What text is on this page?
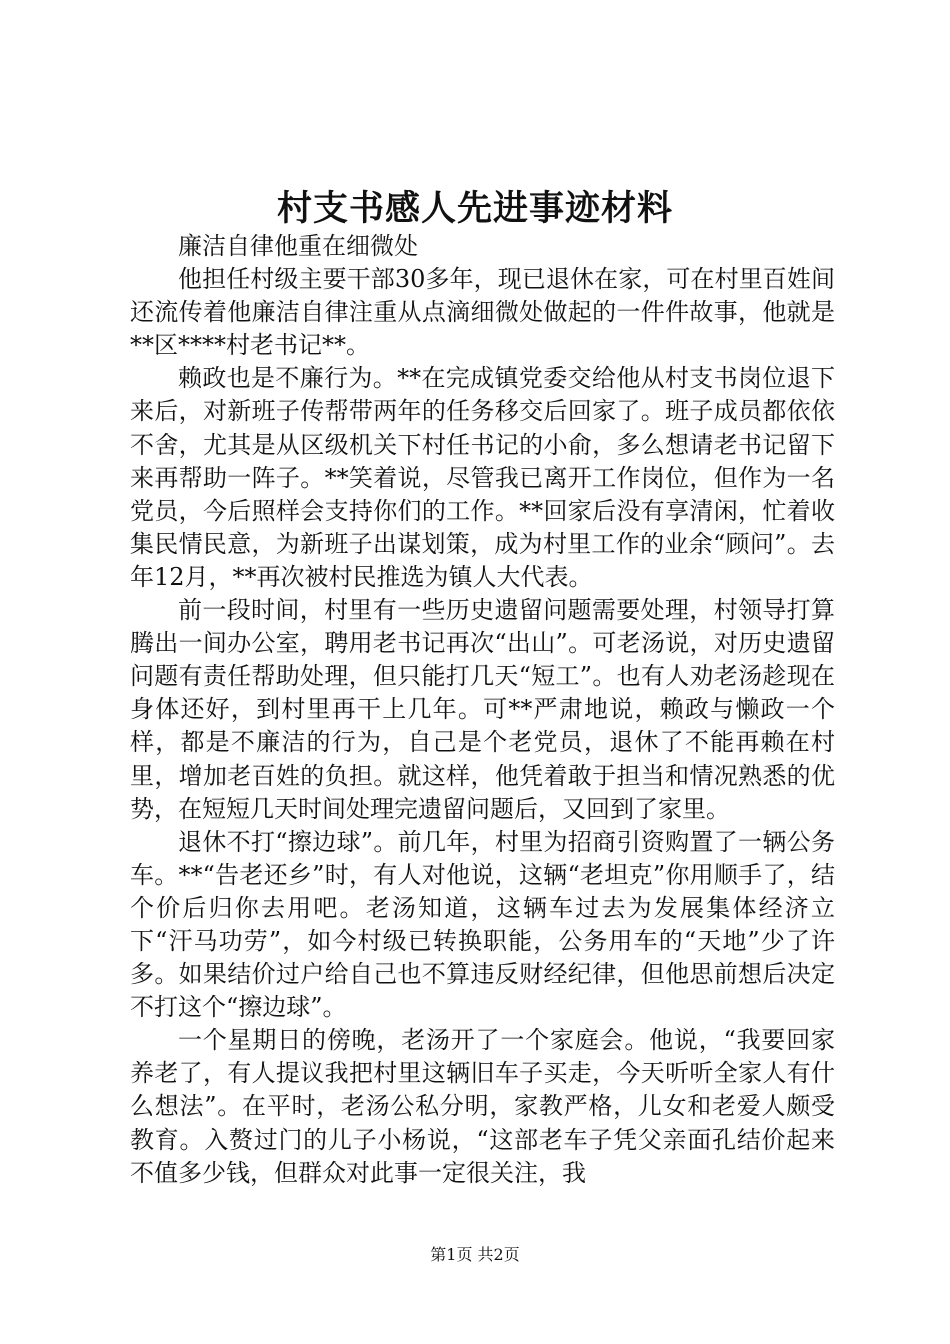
村支书感人先进事迹材料

廉洁自律他重在细微处

他担任村级主要干部30多年，现已退休在家，可在村里百姓间还流传着他廉洁自律注重从点滴细微处做起的一件件故事，他就是**区****村老书记**。

赖政也是不廉行为。**在完成镇党委交给他从村支书岗位退下来后，对新班子传帮带两年的任务移交后回家了。班子成员都依依不舍，尤其是从区级机关下村任书记的小俞，多么想请老书记留下来再帮助一阵子。**笑着说，尽管我已离开工作岗位，但作为一名党员，今后照样会支持你们的工作。**回家后没有享清闲，忙着收集民情民意，为新班子出谋划策，成为村里工作的业余“顾问”。去年12月，**再次被村民推选为镇人大代表。

前一段时间，村里有一些历史遗留问题需要处理，村领导打算腾出一间办公室，聘用老书记再次“出山”。可老汤说，对历史遗留问题有责任帮助处理，但只能打几天“短工”。也有人劝老汤趁现在身体还好，到村里再干上几年。可**严肃地说，赖政与懒政一个样，都是不廉洁的行为，自己是个老党员，退休了不能再赖在村里，增加老百姓的负担。就这样，他凭着敢于担当和情况熟悉的优势，在短短几天时间处理完遗留问题后，又回到了家里。

退休不打“擦边球”。前几年，村里为招商引资购置了一辆公务车。**“告老还乡”时，有人对他说，这辆“老坦克”你用顺手了，结个价后归你去用吧。老汤知道，这辆车过去为发展集体经济立下“汗马功劳”，如今村级已转换职能，公务用车的“天地”少了许多。如果结价过户给自己也不算违反财经纪律，但他思前想后决定不打这个“擦边球”。

一个星期日的傍晚，老汤开了一个家庭会。他说，“我要回家养老了，有人提议我把村里这辆旧车子买走，今天听听全家人有什么想法”。在平时，老汤公私分明，家教严格，儿女和老爱人颇受教育。入赘过门的儿子小杨说，“这部老车子凭父亲面孔结价起来不值多少钱，但群众对此事一定很关注，我

第1页 共2页
